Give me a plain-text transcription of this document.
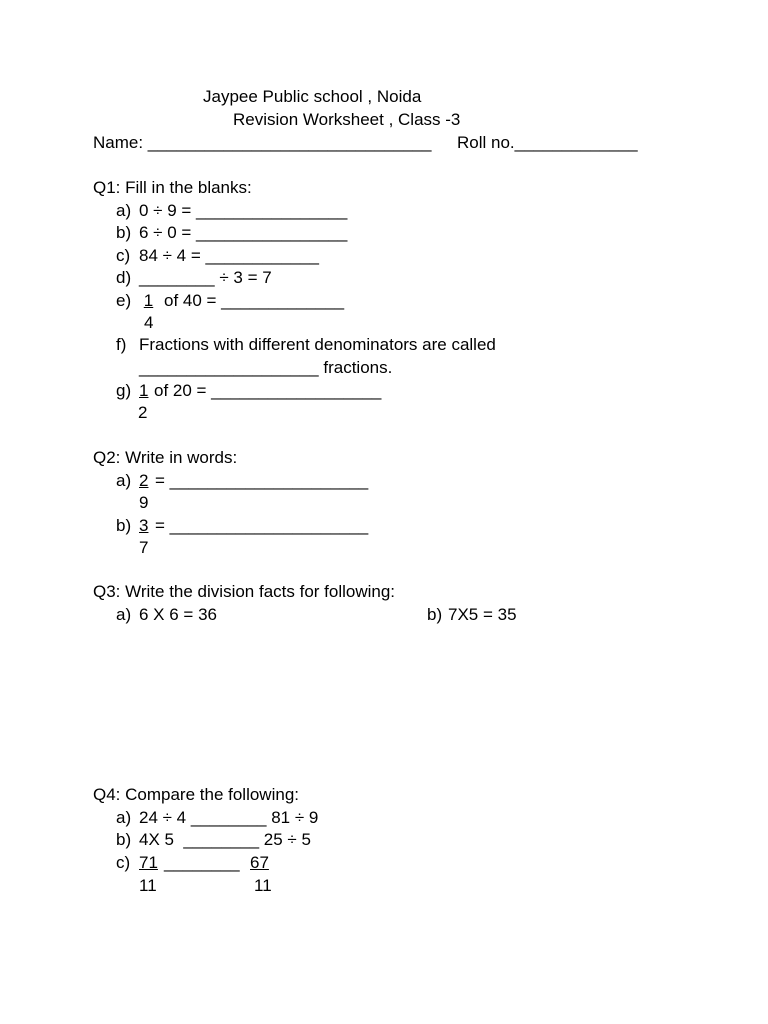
Jaypee Public school , Noida
Revision Worksheet , Class -3
Name: ______________________________ Roll no._____________
Q1: Fill in the blanks:
a) 0 ÷ 9 = ________________
b) 6 ÷ 0 = ________________
c) 84 ÷ 4 = ____________
d) ________ ÷ 3 = 7
e) 1 of 40 = _____________
4
f) Fractions with different denominators are called
___________________ fractions.
g) 1 of 20 = __________________
2
Q2: Write in words:
a) 2 = _____________________
9
b) 3 = _____________________
7
Q3: Write the division facts for following:
a) 6 X 6 = 36	b) 7X5 = 35
Q4: Compare the following:
a) 24 ÷ 4 ________ 81 ÷ 9
b) 4X 5  ________ 25 ÷ 5
c) 71 ________ 67
11	11
